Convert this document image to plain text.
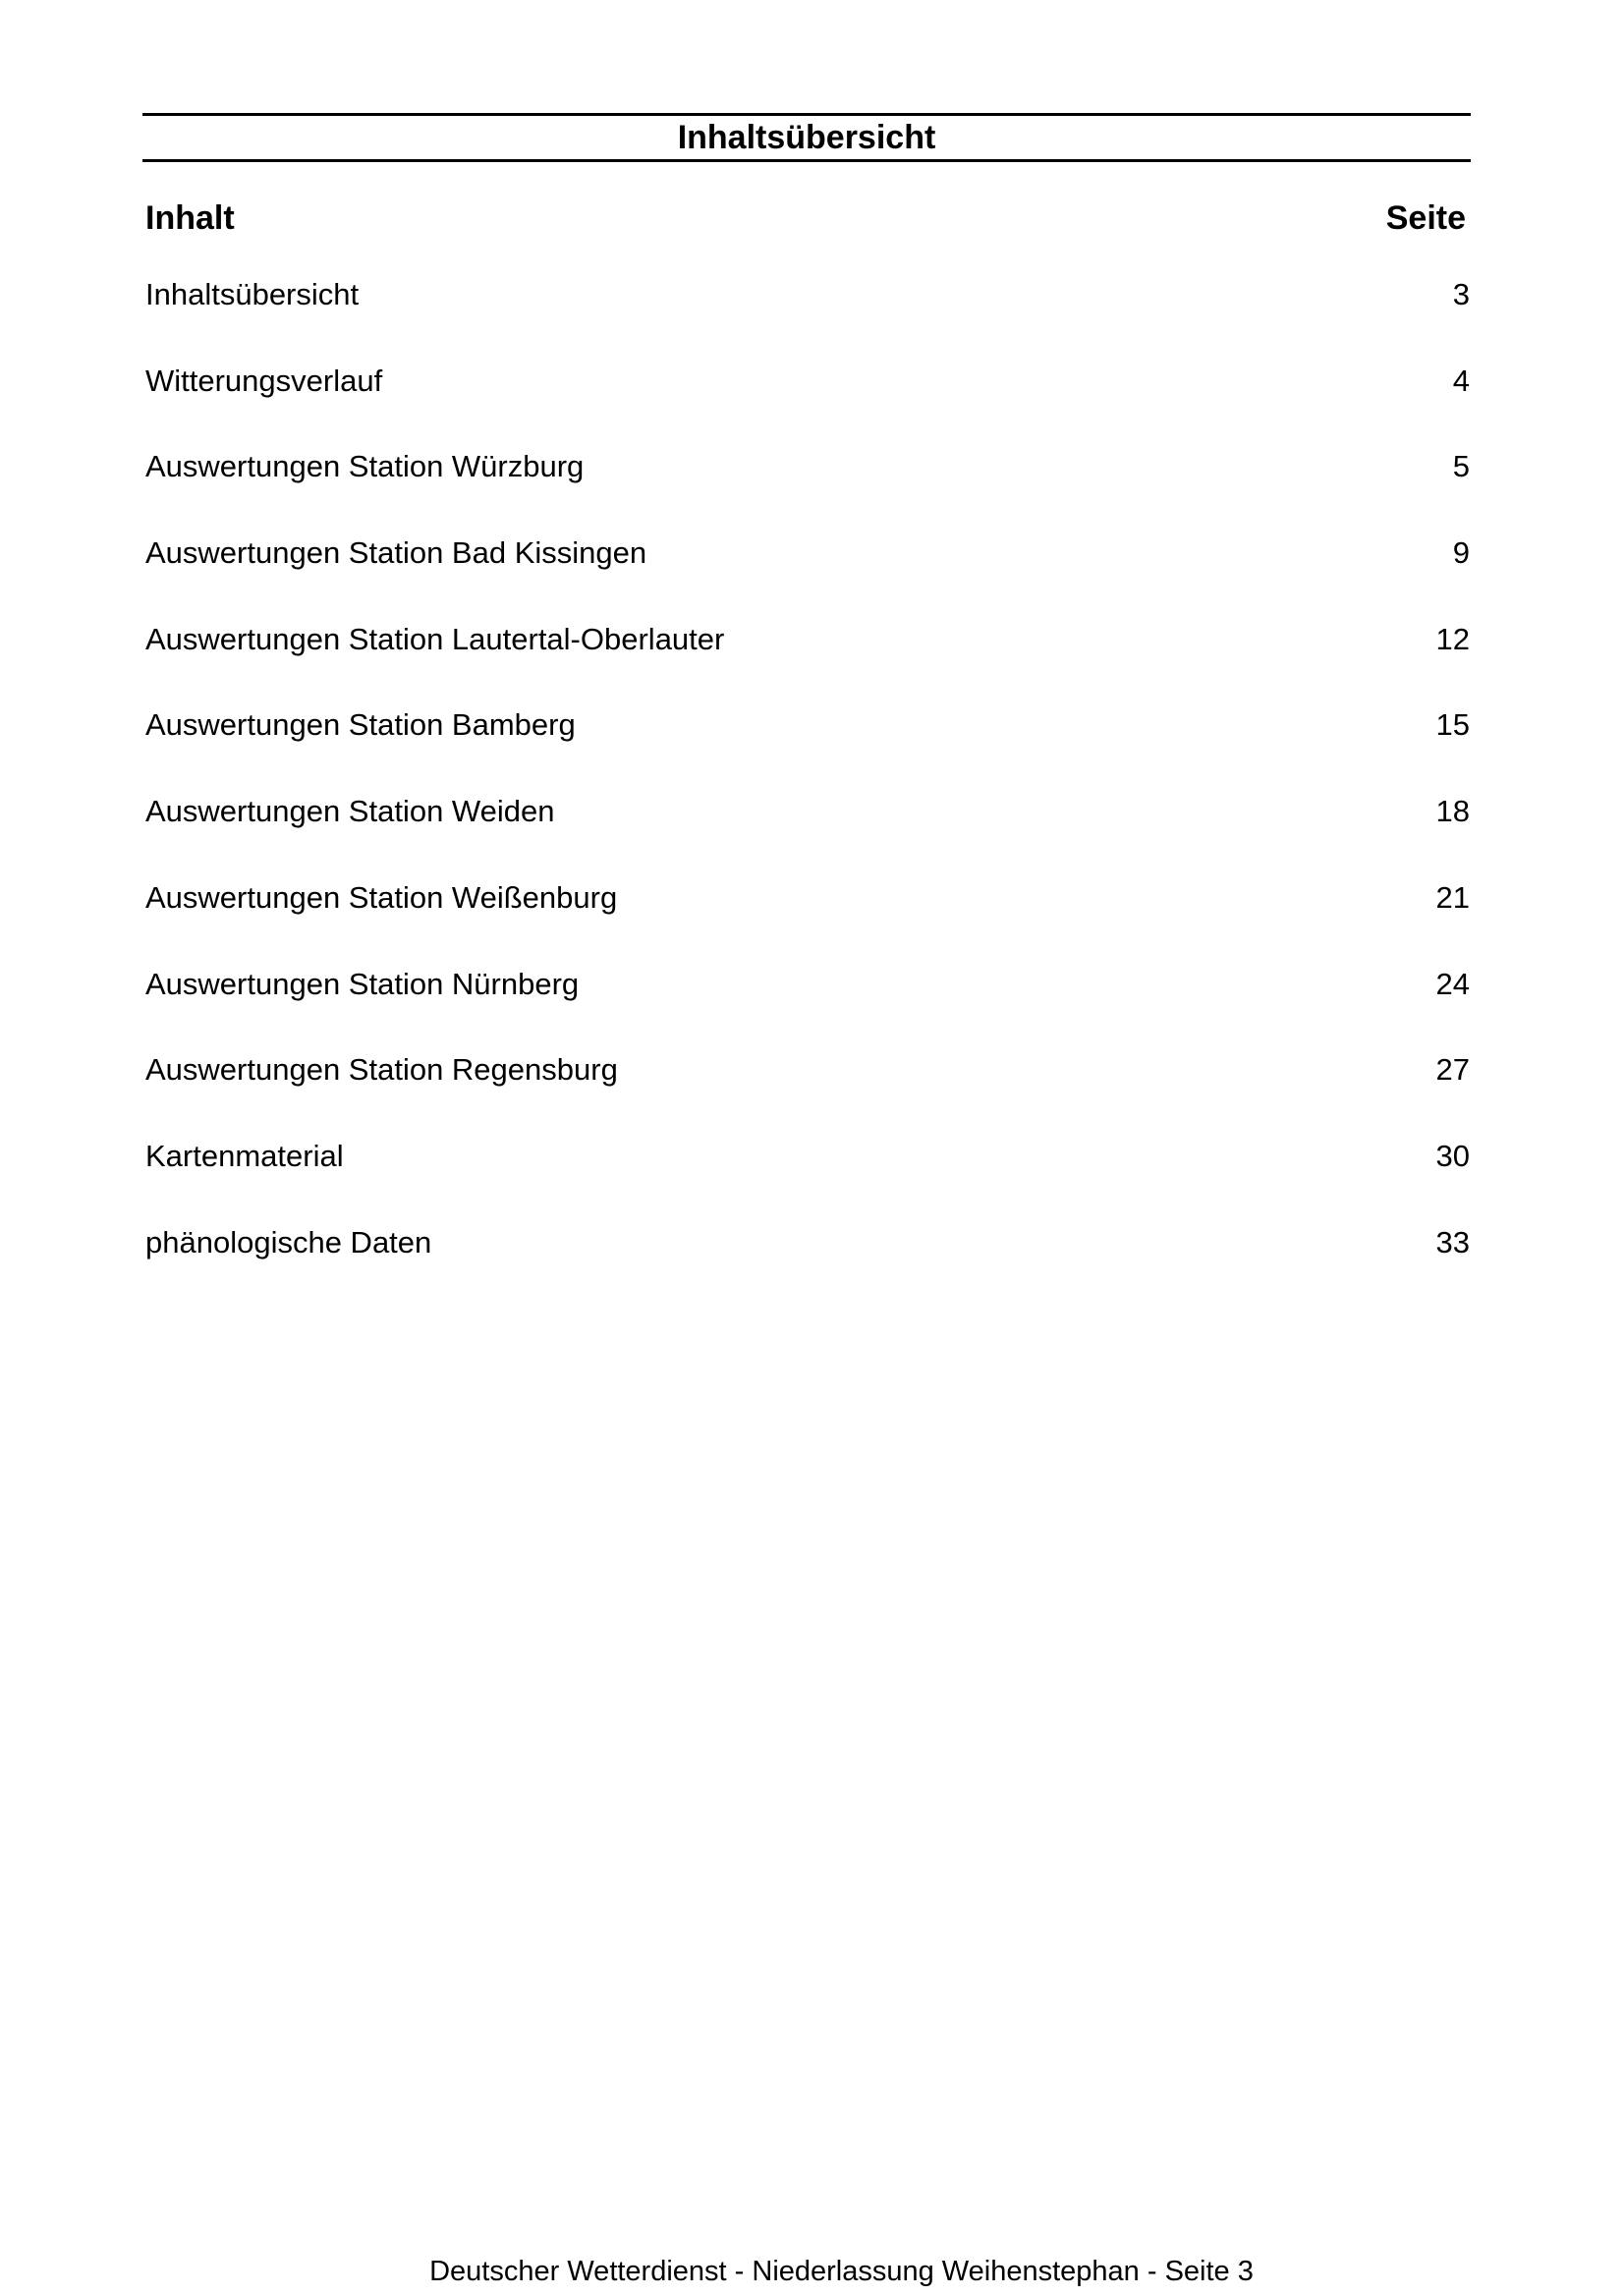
Inhaltsübersicht
Inhalt	Seite
Inhaltsübersicht	3
Witterungsverlauf	4
Auswertungen Station Würzburg	5
Auswertungen Station Bad Kissingen	9
Auswertungen Station Lautertal-Oberlauter	12
Auswertungen Station Bamberg	15
Auswertungen Station Weiden	18
Auswertungen Station Weißenburg	21
Auswertungen Station Nürnberg	24
Auswertungen Station Regensburg	27
Kartenmaterial	30
phänologische Daten	33
Deutscher Wetterdienst - Niederlassung Weihenstephan - Seite 3
